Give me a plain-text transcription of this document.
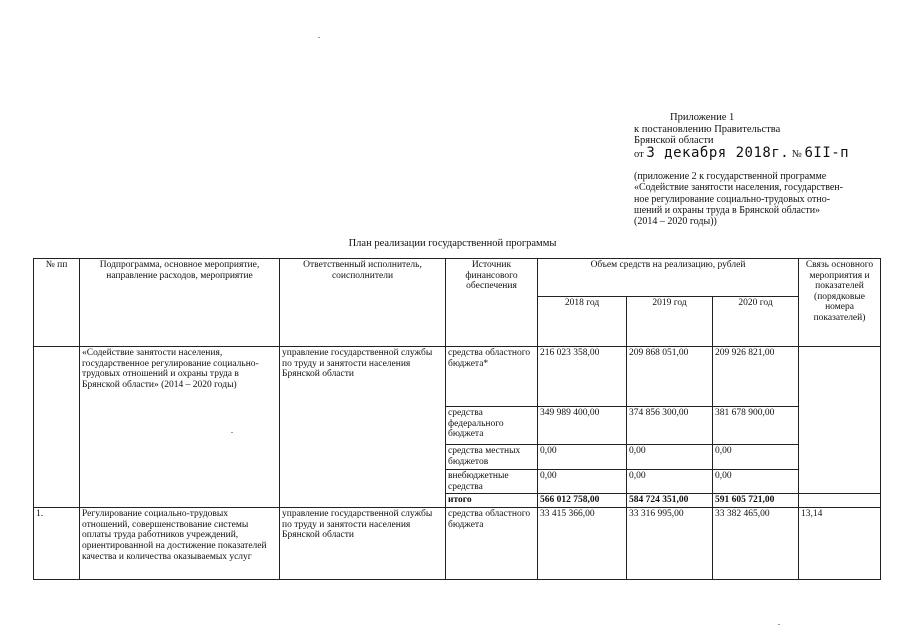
Приложение 1
к постановлению Правительства
Брянской области
от 3 декабря 2018г. № 6II-п
(приложение 2 к государственной программе
«Содействие занятости населения, государствен-
ное регулирование социально-трудовых отно-
шений и охраны труда в Брянской области»
(2014 – 2020 годы))
План реализации государственной программы
№ пп	Подпрограмма, основное мероприятие, направление расходов, мероприятие	Ответственный исполнитель, соисполнители	Источник финансового обеспечения	Объем средств на реализацию, рублей			Связь основного мероприятия и показателей (порядковые номера показателей)
				2018 год	2019 год	2020 год	
	«Содействие занятости населения, государственное регулирование социально-трудовых отношений и охраны труда в Брянской области» (2014 – 2020 годы)	управление государственной службы по труду и занятости населения Брянской области	средства областного бюджета*	216 023 358,00	209 868 051,00	209 926 821,00	
			средства федерального бюджета	349 989 400,00	374 856 300,00	381 678 900,00	
			средства местных бюджетов	0,00	0,00	0,00	
			внебюджетные средства	0,00	0,00	0,00	
			итого	566 012 758,00	584 724 351,00	591 605 721,00	
1.	Регулирование социально-трудовых отношений, совершенствование системы оплаты труда работников учреждений, ориентированной на достижение показателей качества и количества оказываемых услуг	управление государственной службы по труду и занятости населения Брянской области	средства областного бюджета	33 415 366,00	33 316 995,00	33 382 465,00	13,14
